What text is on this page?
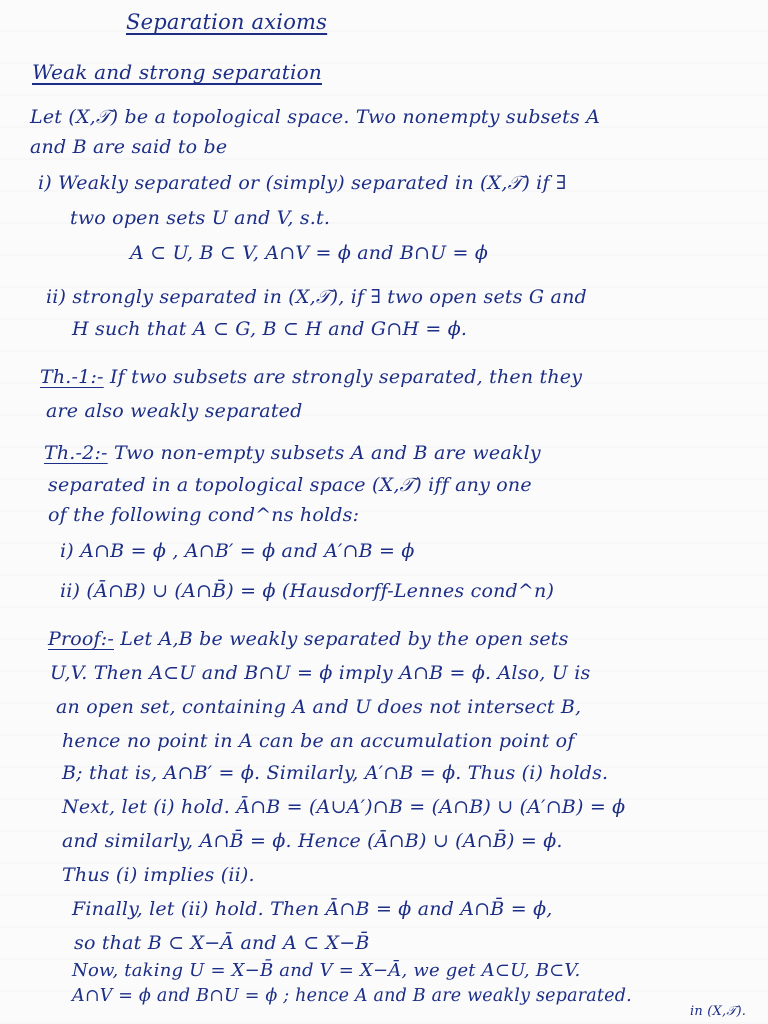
Separation axioms
Weak and strong separation
Let (X,𝒯) be a topological space. Two nonempty subsets A
and B are said to be
i) Weakly separated or (simply) separated in (X,𝒯) if ∃
two open sets U and V, s.t.
A ⊂ U, B ⊂ V, A∩V = ϕ and B∩U = ϕ
ii) strongly separated in (X,𝒯), if ∃ two open sets G and
H such that A ⊂ G, B ⊂ H and G∩H = ϕ.
Th.-1:- If two subsets are strongly separated, then they
are also weakly separated
Th.-2:- Two non-empty subsets A and B are weakly
separated in a topological space (X,𝒯) iff any one
of the following cond^ns holds:
i) A∩B = ϕ , A∩B′ = ϕ and A′∩B = ϕ
ii) (Ā∩B) ∪ (A∩B̄) = ϕ (Hausdorff-Lennes cond^n)
Proof:- Let A,B be weakly separated by the open sets
U,V. Then A⊂U and B∩U = ϕ imply A∩B = ϕ. Also, U is
an open set, containing A and U does not intersect B,
hence no point in A can be an accumulation point of
B; that is, A∩B′ = ϕ. Similarly, A′∩B = ϕ. Thus (i) holds.
Next, let (i) hold. Ā∩B = (A∪A′)∩B = (A∩B) ∪ (A′∩B) = ϕ
and similarly, A∩B̄ = ϕ. Hence (Ā∩B) ∪ (A∩B̄) = ϕ.
Thus (i) implies (ii).
Finally, let (ii) hold. Then Ā∩B = ϕ and A∩B̄ = ϕ,
so that B ⊂ X−Ā and A ⊂ X−B̄
Now, taking U = X−B̄ and V = X−Ā, we get A⊂U, B⊂V.
A∩V = ϕ and B∩U = ϕ ; hence A and B are weakly separated.
in (X,𝒯).
